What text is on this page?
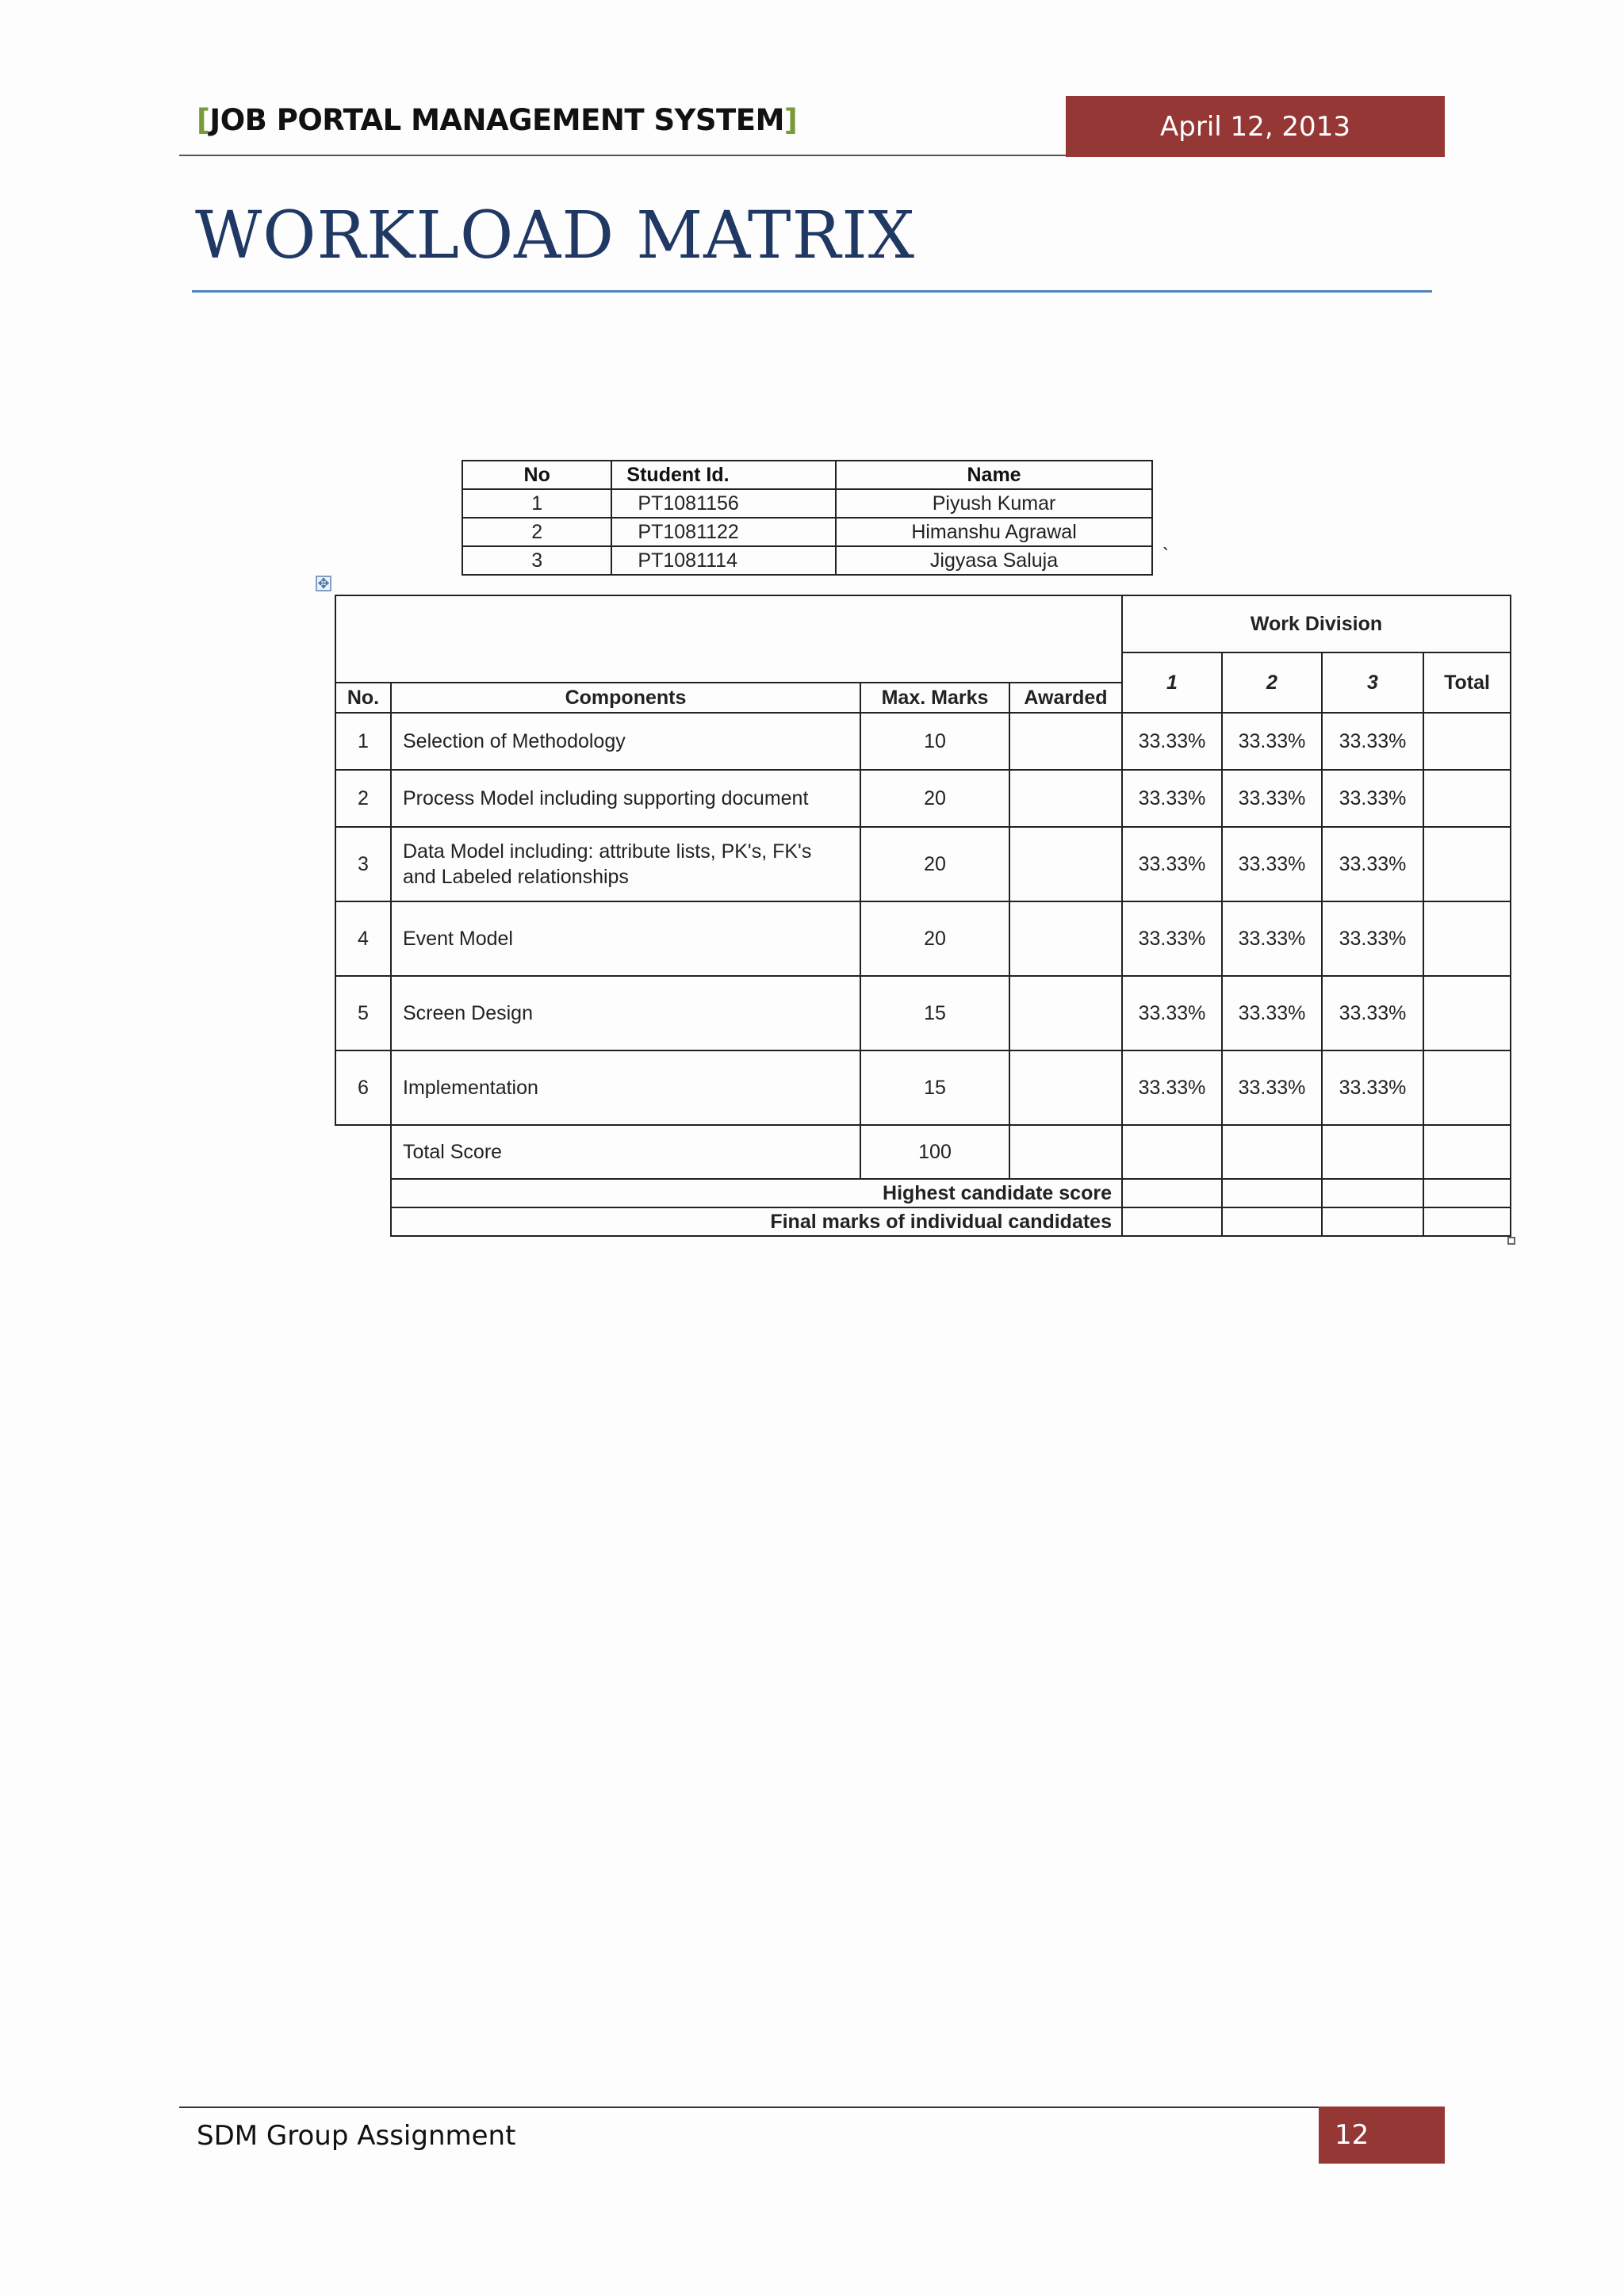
[JOB PORTAL MANAGEMENT SYSTEM]	April 12, 2013
WORKLOAD MATRIX
No	Student Id.	Name
1	PT1081156	Piyush Kumar
2	PT1081122	Himanshu Agrawal
3	PT1081114	Jigyasa Saluja	`
✥
				Work Division			
				1	2	3	Total
No.	Components	Max. Marks	Awarded				
1	Selection of Methodology	10		33.33%	33.33%	33.33%	
2	Process Model including supporting document	20		33.33%	33.33%	33.33%	
3	Data Model including: attribute lists, PK's, FK's
and Labeled relationships	20		33.33%	33.33%	33.33%	
4	Event Model	20		33.33%	33.33%	33.33%	
5	Screen Design	15		33.33%	33.33%	33.33%	
6	Implementation	15		33.33%	33.33%	33.33%	
	Total Score	100					
	Highest candidate score						
	Final marks of individual candidates						
SDM Group Assignment	12
